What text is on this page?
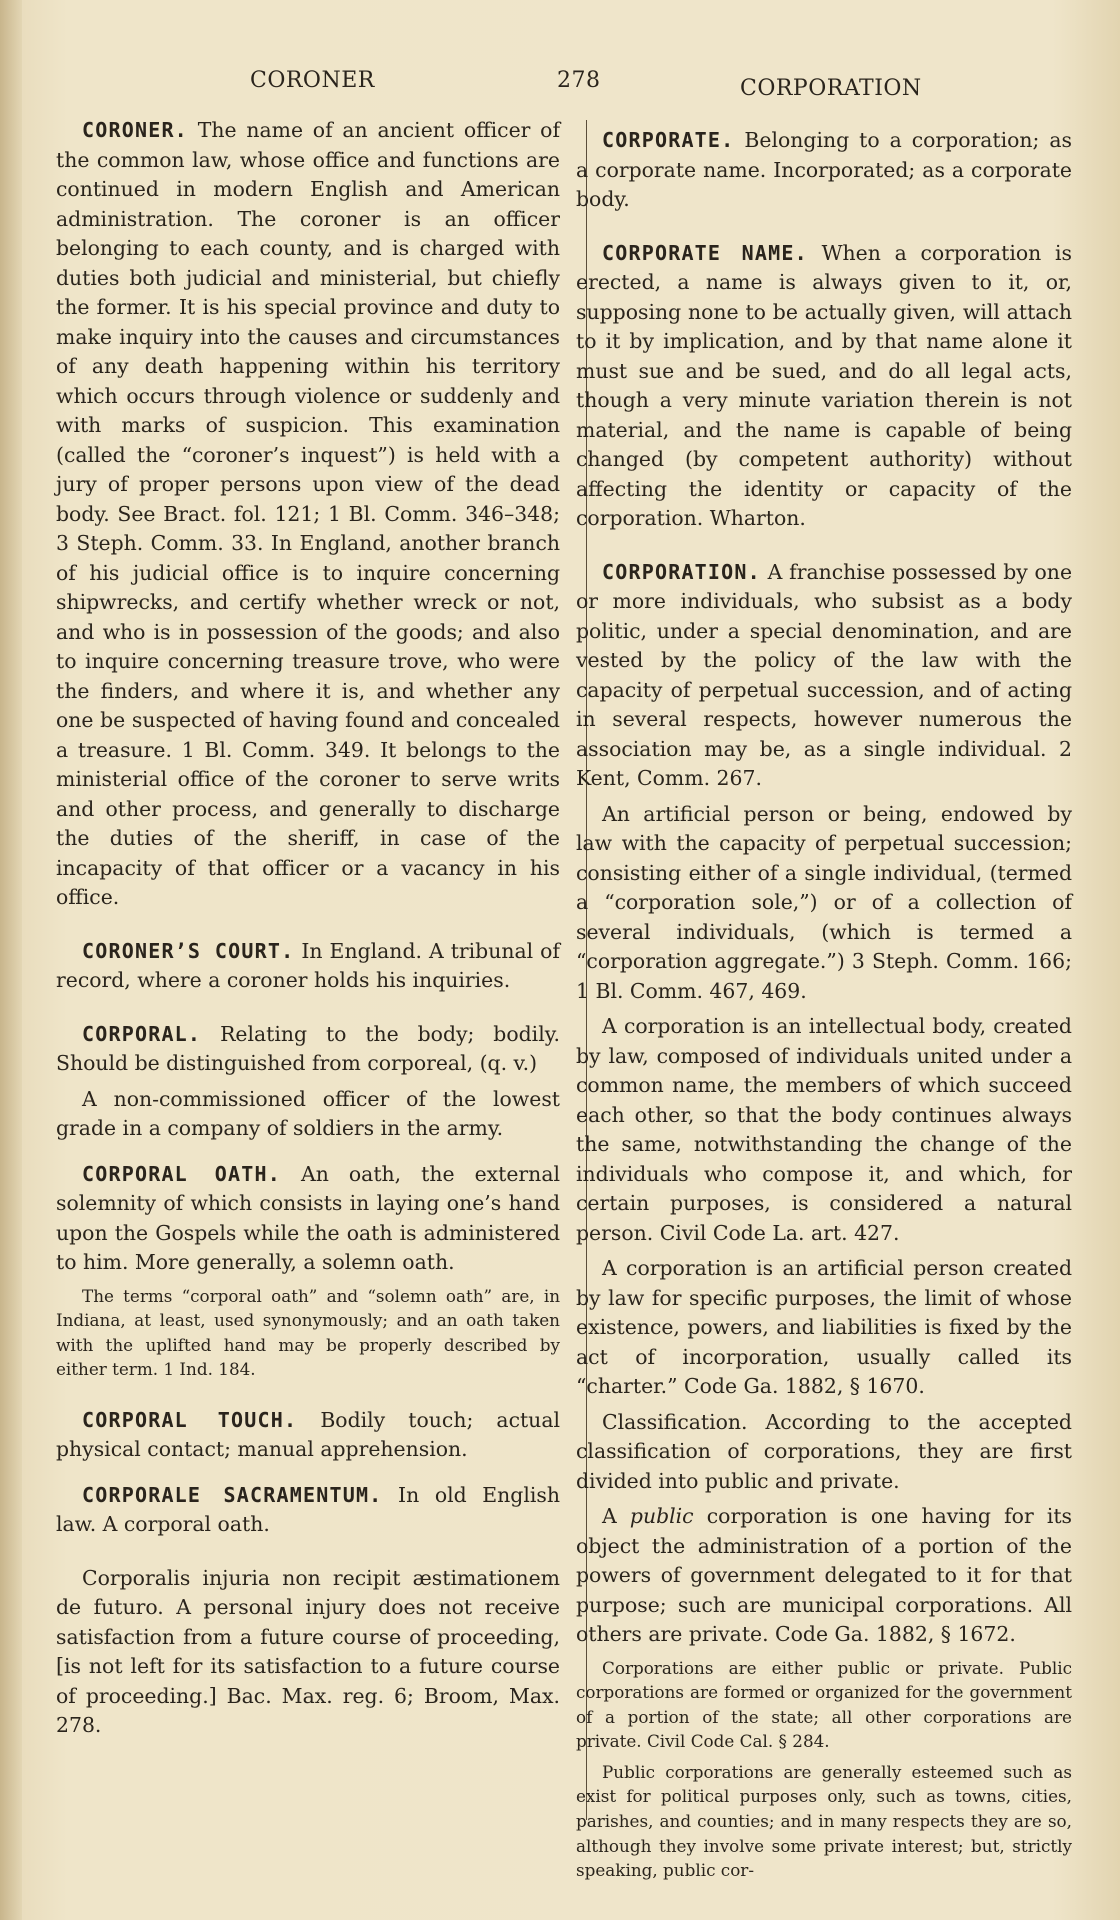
CORONER	278	CORPORATION

CORONER. The name of an ancient officer of the common law, whose office and functions are continued in modern English and American administration. The coroner is an officer belonging to each county, and is charged with duties both judicial and ministerial, but chiefly the former. It is his special province and duty to make inquiry into the causes and circumstances of any death happening within his territory which occurs through violence or suddenly and with marks of suspicion. This examination (called the “coroner’s inquest”) is held with a jury of proper persons upon view of the dead body. See Bract. fol. 121; 1 Bl. Comm. 346–348; 3 Steph. Comm. 33. In England, another branch of his judicial office is to inquire concerning shipwrecks, and certify whether wreck or not, and who is in possession of the goods; and also to inquire concerning treasure trove, who were the finders, and where it is, and whether any one be suspected of having found and concealed a treasure. 1 Bl. Comm. 349. It belongs to the ministerial office of the coroner to serve writs and other process, and generally to discharge the duties of the sheriff, in case of the incapacity of that officer or a vacancy in his office.

CORONER’S COURT. In England. A tribunal of record, where a coroner holds his inquiries.

CORPORAL. Relating to the body; bodily. Should be distinguished from corporeal, (q. v.)

A non-commissioned officer of the lowest grade in a company of soldiers in the army.

CORPORAL OATH. An oath, the external solemnity of which consists in laying one’s hand upon the Gospels while the oath is administered to him. More generally, a solemn oath.

The terms “corporal oath” and “solemn oath” are, in Indiana, at least, used synonymously; and an oath taken with the uplifted hand may be properly described by either term. 1 Ind. 184.

CORPORAL TOUCH. Bodily touch; actual physical contact; manual apprehension.

CORPORALE SACRAMENTUM. In old English law. A corporal oath.

Corporalis injuria non recipit æstimationem de futuro. A personal injury does not receive satisfaction from a future course of proceeding, [is not left for its satisfaction to a future course of proceeding.] Bac. Max. reg. 6; Broom, Max. 278.

CORPORATE. Belonging to a corporation; as a corporate name. Incorporated; as a corporate body.

CORPORATE NAME. When a corporation is erected, a name is always given to it, or, supposing none to be actually given, will attach to it by implication, and by that name alone it must sue and be sued, and do all legal acts, though a very minute variation therein is not material, and the name is capable of being changed (by competent authority) without affecting the identity or capacity of the corporation. Wharton.

CORPORATION. A franchise possessed by one or more individuals, who subsist as a body politic, under a special denomination, and are vested by the policy of the law with the capacity of perpetual succession, and of acting in several respects, however numerous the association may be, as a single individual. 2 Kent, Comm. 267.

An artificial person or being, endowed by law with the capacity of perpetual succession; consisting either of a single individual, (termed a “corporation sole,”) or of a collection of several individuals, (which is termed a “corporation aggregate.”) 3 Steph. Comm. 166; 1 Bl. Comm. 467, 469.

A corporation is an intellectual body, created by law, composed of individuals united under a common name, the members of which succeed each other, so that the body continues always the same, notwithstanding the change of the individuals who compose it, and which, for certain purposes, is considered a natural person. Civil Code La. art. 427.

A corporation is an artificial person created by law for specific purposes, the limit of whose existence, powers, and liabilities is fixed by the act of incorporation, usually called its “charter.” Code Ga. 1882, § 1670.

Classification. According to the accepted classification of corporations, they are first divided into public and private.

A public corporation is one having for its object the administration of a portion of the powers of government delegated to it for that purpose; such are municipal corporations. All others are private. Code Ga. 1882, § 1672.

Corporations are either public or private. Public corporations are formed or organized for the government of a portion of the state; all other corporations are private. Civil Code Cal. § 284.

Public corporations are generally esteemed such as exist for political purposes only, such as towns, cities, parishes, and counties; and in many respects they are so, although they involve some private interest; but, strictly speaking, public cor-
